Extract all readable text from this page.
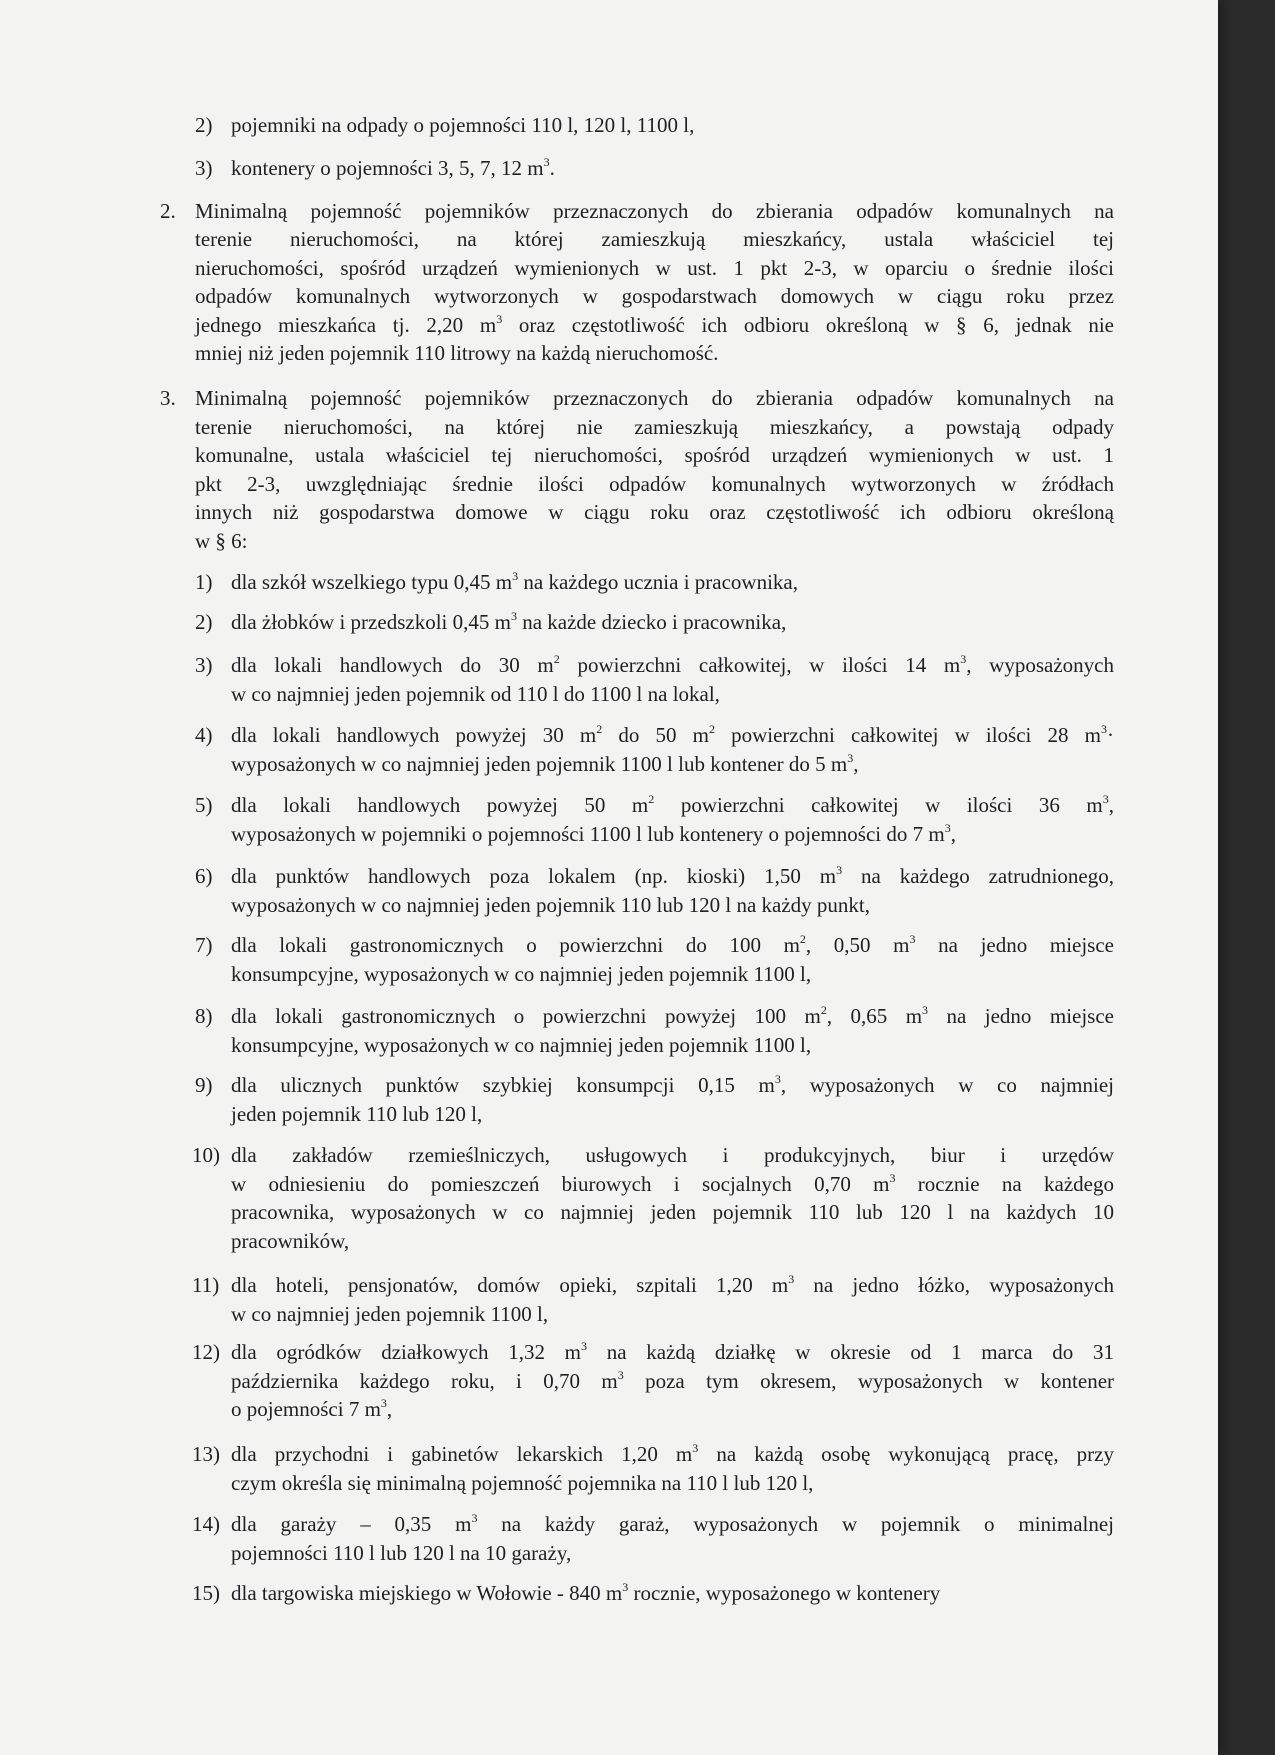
2) pojemniki na odpady o pojemności 110 l, 120 l, 1100 l,
3) kontenery o pojemności 3, 5, 7, 12 $m^3$.
2. Minimalną pojemność pojemników przeznaczonych do zbierania odpadów komunalnych na
terenie nieruchomości, na której zamieszkują mieszkańcy, ustala właściciel tej
nieruchomości, spośród urządzeń wymienionych w ust. 1 pkt 2-3, w oparciu o średnie ilości
odpadów komunalnych wytworzonych w gospodarstwach domowych w ciągu roku przez
jednego mieszkańca tj. 2,20 $m^3$ oraz częstotliwość ich odbioru określoną w § 6, jednak nie
mniej niż jeden pojemnik 110 litrowy na każdą nieruchomość.
3. Minimalną pojemność pojemników przeznaczonych do zbierania odpadów komunalnych na
terenie nieruchomości, na której nie zamieszkują mieszkańcy, a powstają odpady
komunalne, ustala właściciel tej nieruchomości, spośród urządzeń wymienionych w ust. 1
pkt 2-3, uwzględniając średnie ilości odpadów komunalnych wytworzonych w źródłach
innych niż gospodarstwa domowe w ciągu roku oraz częstotliwość ich odbioru określoną
w § 6:
1) dla szkół wszelkiego typu 0,45 $m^3$ na każdego ucznia i pracownika,
2) dla żłobków i przedszkoli 0,45 $m^3$ na każde dziecko i pracownika,
3) dla lokali handlowych do 30 $m^2$ powierzchni całkowitej, w ilości 14 $m^3$, wyposażonych
w co najmniej jeden pojemnik od 110 l do 1100 l na lokal,
4) dla lokali handlowych powyżej 30 $m^2$ do 50 $m^2$ powierzchni całkowitej w ilości 28 $m^3\cdot$
wyposażonych w co najmniej jeden pojemnik 1100 l lub kontener do 5 $m^3$,
5) dla lokali handlowych powyżej 50 $m^2$ powierzchni całkowitej w ilości 36 $m^3$,
wyposażonych w pojemniki o pojemności 1100 l lub kontenery o pojemności do 7 $m^3$,
6) dla punktów handlowych poza lokalem (np. kioski) 1,50 $m^3$ na każdego zatrudnionego,
wyposażonych w co najmniej jeden pojemnik 110 lub 120 l na każdy punkt,
7) dla lokali gastronomicznych o powierzchni do 100 $m^2$, 0,50 $m^3$ na jedno miejsce
konsumpcyjne, wyposażonych w co najmniej jeden pojemnik 1100 l,
8) dla lokali gastronomicznych o powierzchni powyżej 100 $m^2$, 0,65 $m^3$ na jedno miejsce
konsumpcyjne, wyposażonych w co najmniej jeden pojemnik 1100 l,
9) dla ulicznych punktów szybkiej konsumpcji 0,15 $m^3$, wyposażonych w co najmniej
jeden pojemnik 110 lub 120 l,
10) dla zakładów rzemieślniczych, usługowych i produkcyjnych, biur i urzędów
w odniesieniu do pomieszczeń biurowych i socjalnych 0,70 $m^3$ rocznie na każdego
pracownika, wyposażonych w co najmniej jeden pojemnik 110 lub 120 l na każdych 10
pracowników,
11) dla hoteli, pensjonatów, domów opieki, szpitali 1,20 $m^3$ na jedno łóżko, wyposażonych
w co najmniej jeden pojemnik 1100 l,
12) dla ogródków działkowych 1,32 $m^3$ na każdą działkę w okresie od 1 marca do 31
października każdego roku, i 0,70 $m^3$ poza tym okresem, wyposażonych w kontener
o pojemności 7 $m^3$,
13) dla przychodni i gabinetów lekarskich 1,20 $m^3$ na każdą osobę wykonującą pracę, przy
czym określa się minimalną pojemność pojemnika na 110 l lub 120 l,
14) dla garaży – 0,35 $m^3$ na każdy garaż, wyposażonych w pojemnik o minimalnej
pojemności 110 l lub 120 l na 10 garaży,
15) dla targowiska miejskiego w Wołowie - 840 $m^3$ rocznie, wyposażonego w kontenery
